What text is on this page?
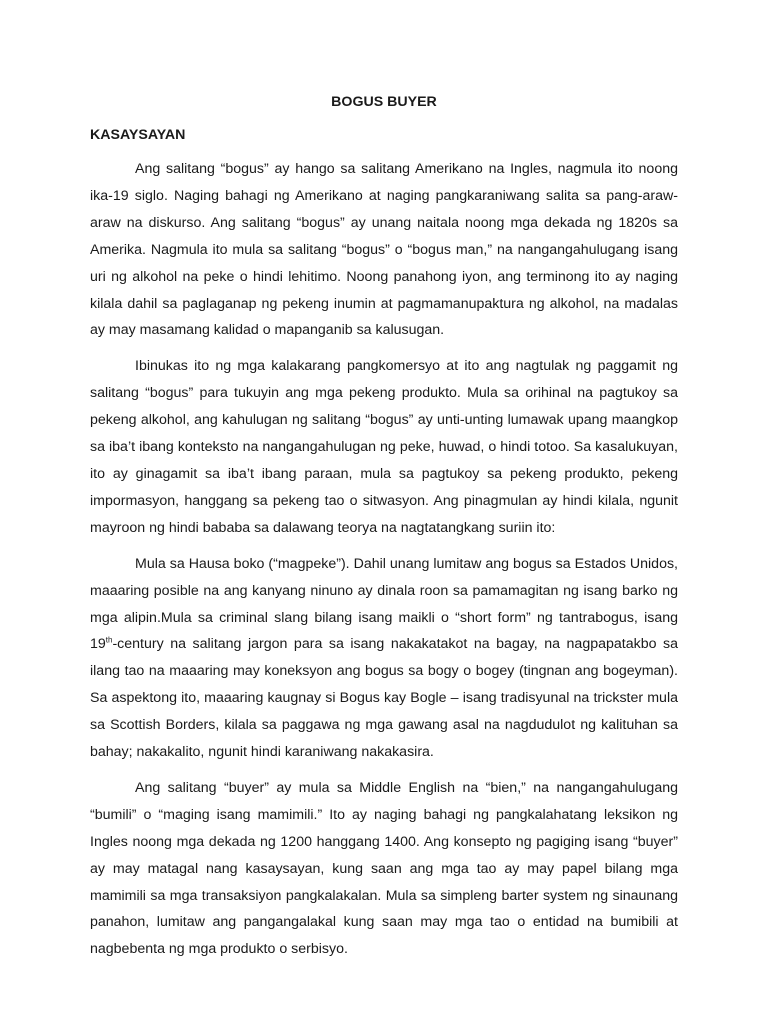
BOGUS BUYER
KASAYSAYAN

Ang salitang “bogus” ay hango sa salitang Amerikano na Ingles, nagmula ito noong ika-19 siglo. Naging bahagi ng Amerikano at naging pangkaraniwang salita sa pang-araw-araw na diskurso. Ang salitang “bogus” ay unang naitala noong mga dekada ng 1820s sa Amerika. Nagmula ito mula sa salitang “bogus” o “bogus man,” na nangangahulugang isang uri ng alkohol na peke o hindi lehitimo. Noong panahong iyon, ang terminong ito ay naging kilala dahil sa paglaganap ng pekeng inumin at pagmamanupaktura ng alkohol, na madalas ay may masamang kalidad o mapanganib sa kalusugan.

Ibinukas ito ng mga kalakarang pangkomersyo at ito ang nagtulak ng paggamit ng salitang “bogus” para tukuyin ang mga pekeng produkto. Mula sa orihinal na pagtukoy sa pekeng alkohol, ang kahulugan ng salitang “bogus” ay unti-unting lumawak upang maangkop sa iba’t ibang konteksto na nangangahulugan ng peke, huwad, o hindi totoo. Sa kasalukuyan, ito ay ginagamit sa iba’t ibang paraan, mula sa pagtukoy sa pekeng produkto, pekeng impormasyon, hanggang sa pekeng tao o sitwasyon. Ang pinagmulan ay hindi kilala, ngunit mayroon ng hindi bababa sa dalawang teorya na nagtatangkang suriin ito:

Mula sa Hausa boko (“magpeke”). Dahil unang lumitaw ang bogus sa Estados Unidos, maaaring posible na ang kanyang ninuno ay dinala roon sa pamamagitan ng isang barko ng mga alipin.Mula sa criminal slang bilang isang maikli o “short form” ng tantrabogus, isang 19th-century na salitang jargon para sa isang nakakatakot na bagay, na nagpapatakbo sa ilang tao na maaaring may koneksyon ang bogus sa bogy o bogey (tingnan ang bogeyman). Sa aspektong ito, maaaring kaugnay si Bogus kay Bogle – isang tradisyunal na trickster mula sa Scottish Borders, kilala sa paggawa ng mga gawang asal na nagdudulot ng kalituhan sa bahay; nakakalito, ngunit hindi karaniwang nakakasira.

Ang salitang “buyer” ay mula sa Middle English na “bien,” na nangangahulugang “bumili” o “maging isang mamimili.” Ito ay naging bahagi ng pangkalahatang leksikon ng Ingles noong mga dekada ng 1200 hanggang 1400. Ang konsepto ng pagiging isang “buyer” ay may matagal nang kasaysayan, kung saan ang mga tao ay may papel bilang mga mamimili sa mga transaksiyon pangkalakalan. Mula sa simpleng barter system ng sinaunang panahon, lumitaw ang pangangalakal kung saan may mga tao o entidad na bumibili at nagbebenta ng mga produkto o serbisyo.
